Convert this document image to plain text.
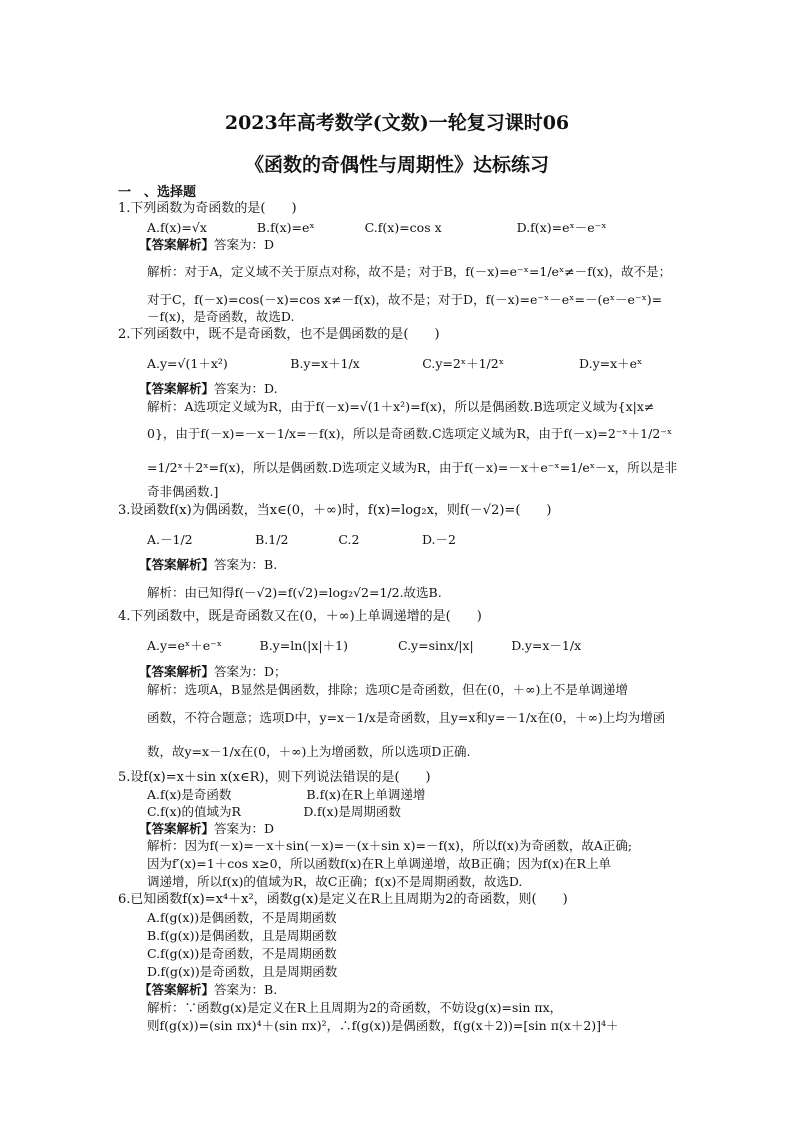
2023年高考数学(文数)一轮复习课时06
《函数的奇偶性与周期性》达标练习
一　、选择题
1.下列函数为奇函数的是(　　)
A.f(x)=√x　　　　B.f(x)=eˣ　　　　C.f(x)=cos x　　　　　　D.f(x)=eˣ－e⁻ˣ
【答案解析】答案为：D
解析：对于A，定义域不关于原点对称，故不是；对于B，f(－x)=e⁻ˣ=1/eˣ≠－f(x)，故不是；
对于C，f(－x)=cos(－x)=cos x≠－f(x)，故不是；对于D，f(－x)=e⁻ˣ－eˣ=－(eˣ－e⁻ˣ)=
－f(x)，是奇函数，故选D.
2.下列函数中，既不是奇函数，也不是偶函数的是(　　)
A.y=√(1＋x²)　　　　　B.y=x＋1/x　　　　　C.y=2ˣ＋1/2ˣ　　　　　　D.y=x＋eˣ
【答案解析】答案为：D.
解析：A选项定义域为R，由于f(－x)=√(1＋x²)=f(x)，所以是偶函数.B选项定义域为{x|x≠
0}，由于f(－x)=－x－1/x=－f(x)，所以是奇函数.C选项定义域为R，由于f(－x)=2⁻ˣ＋1/2⁻ˣ
=1/2ˣ＋2ˣ=f(x)，所以是偶函数.D选项定义域为R，由于f(－x)=－x＋e⁻ˣ=1/eˣ－x，所以是非
奇非偶函数.]
3.设函数f(x)为偶函数，当x∈(0，＋∞)时，f(x)=log₂x，则f(－√2)=(　　)
A.－1/2　　　　　B.1/2　　　　C.2　　　　　D.－2
【答案解析】答案为：B.
解析：由已知得f(－√2)=f(√2)=log₂√2=1/2.故选B.
4.下列函数中，既是奇函数又在(0，＋∞)上单调递增的是(　　)
A.y=eˣ＋e⁻ˣ　　　B.y=ln(|x|＋1)　　　　C.y=sinx/|x|　　　D.y=x－1/x
【答案解析】答案为：D；
解析：选项A，B显然是偶函数，排除；选项C是奇函数，但在(0，＋∞)上不是单调递增
函数，不符合题意；选项D中，y=x－1/x是奇函数，且y=x和y=－1/x在(0，＋∞)上均为增函
数，故y=x－1/x在(0，＋∞)上为增函数，所以选项D正确.
5.设f(x)=x＋sin x(x∈R)，则下列说法错误的是(　　)
A.f(x)是奇函数　　　　　　B.f(x)在R上单调递增
C.f(x)的值域为R　　　　　D.f(x)是周期函数
【答案解析】答案为：D
解析：因为f(－x)=－x＋sin(－x)=－(x＋sin x)=－f(x)，所以f(x)为奇函数，故A正确;
因为f′(x)=1＋cos x≥0，所以函数f(x)在R上单调递增，故B正确；因为f(x)在R上单
调递增，所以f(x)的值域为R，故C正确；f(x)不是周期函数，故选D.
6.已知函数f(x)=x⁴＋x²，函数g(x)是定义在R上且周期为2的奇函数，则(　　)
A.f(g(x))是偶函数，不是周期函数
B.f(g(x))是偶函数，且是周期函数
C.f(g(x))是奇函数，不是周期函数
D.f(g(x))是奇函数，且是周期函数
【答案解析】答案为：B.
解析：∵函数g(x)是定义在R上且周期为2的奇函数，不妨设g(x)=sin πx，
则f(g(x))=(sin πx)⁴＋(sin πx)²，∴f(g(x))是偶函数，f(g(x＋2))=[sin π(x＋2)]⁴＋
